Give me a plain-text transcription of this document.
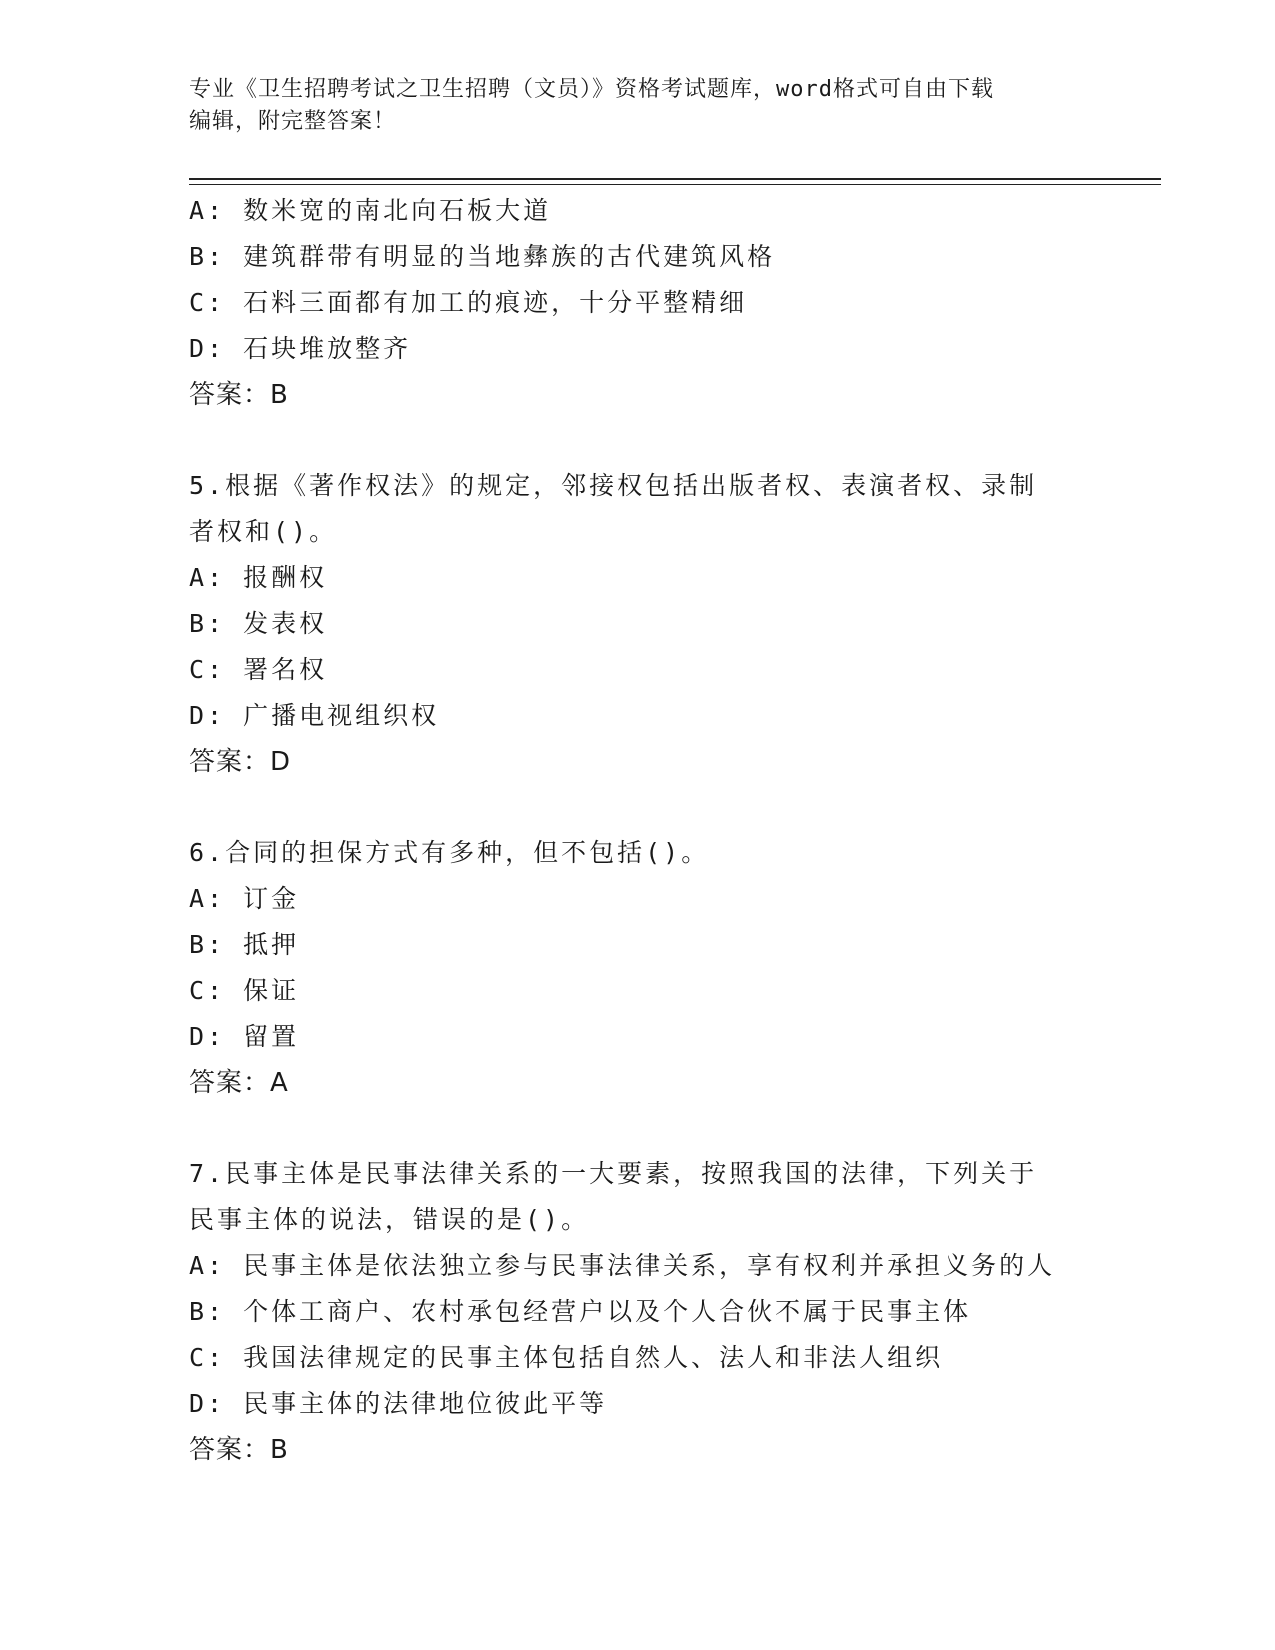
专业《卫生招聘考试之卫生招聘（文员）》资格考试题库，word格式可自由下载
编辑，附完整答案！
A: 数米宽的南北向石板大道
B: 建筑群带有明显的当地彝族的古代建筑风格
C: 石料三面都有加工的痕迹，十分平整精细
D: 石块堆放整齐
答案：B
5.根据《著作权法》的规定，邻接权包括出版者权、表演者权、录制
者权和()。
A: 报酬权
B: 发表权
C: 署名权
D: 广播电视组织权
答案：D
6.合同的担保方式有多种，但不包括()。
A: 订金
B: 抵押
C: 保证
D: 留置
答案：A
7.民事主体是民事法律关系的一大要素，按照我国的法律，下列关于
民事主体的说法，错误的是()。
A: 民事主体是依法独立参与民事法律关系，享有权利并承担义务的人
B: 个体工商户、农村承包经营户以及个人合伙不属于民事主体
C: 我国法律规定的民事主体包括自然人、法人和非法人组织
D: 民事主体的法律地位彼此平等
答案：B
